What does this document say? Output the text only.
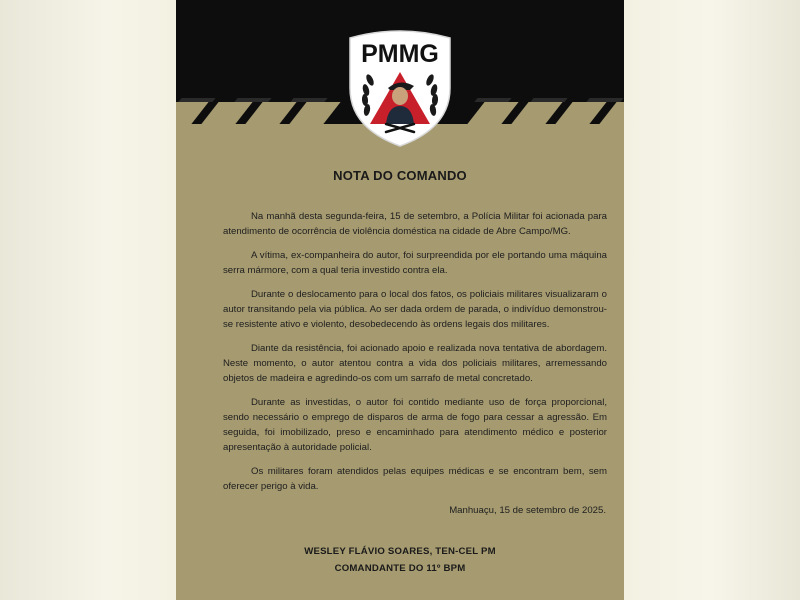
PMMG
NOTA DO COMANDO

Na manhã desta segunda-feira, 15 de setembro, a Polícia Militar foi acionada para atendimento de ocorrência de violência doméstica na cidade de Abre Campo/MG.

A vítima, ex-companheira do autor, foi surpreendida por ele portando uma máquina serra mármore, com a qual teria investido contra ela.

Durante o deslocamento para o local dos fatos, os policiais militares visualizaram o autor transitando pela via pública. Ao ser dada ordem de parada, o indivíduo demonstrou-se resistente ativo e violento, desobedecendo às ordens legais dos militares.

Diante da resistência, foi acionado apoio e realizada nova tentativa de abordagem. Neste momento, o autor atentou contra a vida dos policiais militares, arremessando objetos de madeira e agredindo-os com um sarrafo de metal concretado.

Durante as investidas, o autor foi contido mediante uso de força proporcional, sendo necessário o emprego de disparos de arma de fogo para cessar a agressão. Em seguida, foi imobilizado, preso e encaminhado para atendimento médico e posterior apresentação à autoridade policial.

Os militares foram atendidos pelas equipes médicas e se encontram bem, sem oferecer perigo à vida.

Manhuaçu, 15 de setembro de 2025.
WESLEY FLÁVIO SOARES, TEN-CEL PM
COMANDANTE DO 11º BPM
